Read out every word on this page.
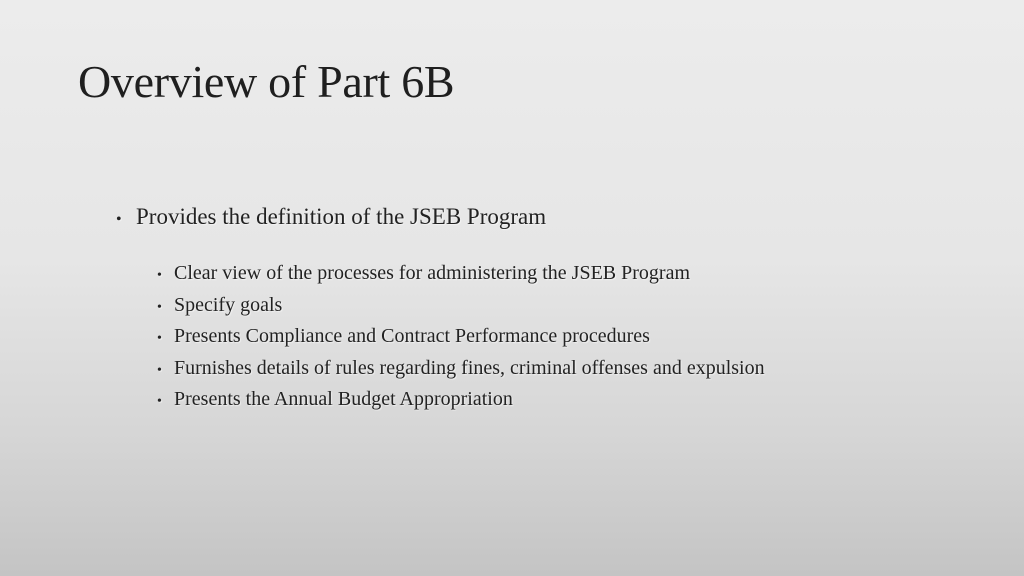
Overview of Part 6B
• Provides the definition of the JSEB Program
• Clear view of the processes for administering the JSEB Program
• Specify goals
• Presents Compliance and Contract Performance procedures
• Furnishes details of rules regarding fines, criminal offenses and expulsion
• Presents the Annual Budget Appropriation
